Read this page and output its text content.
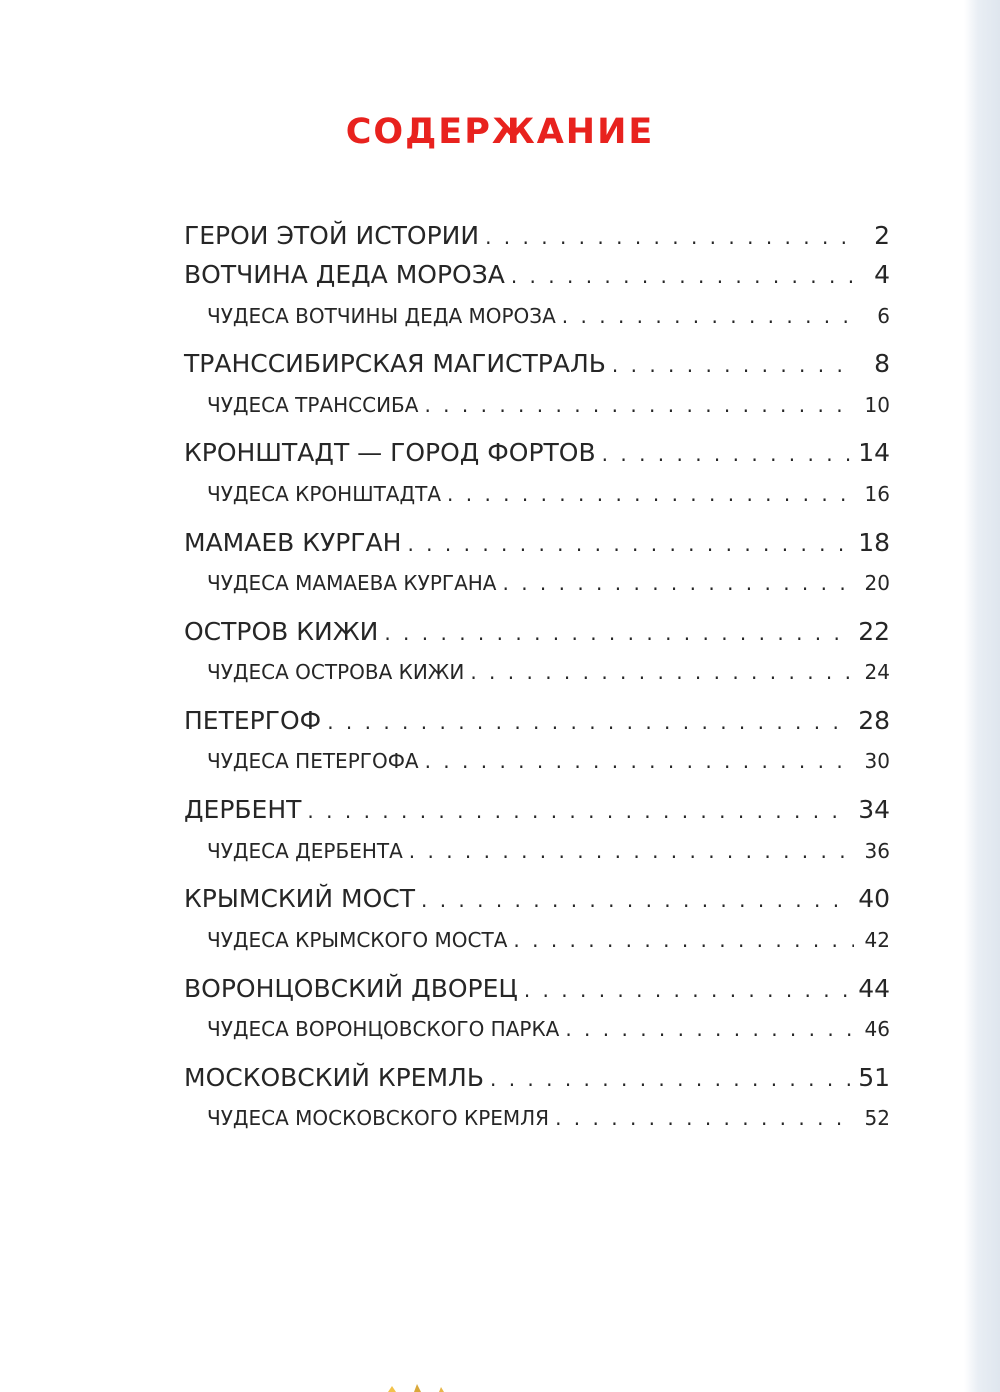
СОДЕРЖАНИЕ
ГЕРОИ ЭТОЙ ИСТОРИИ . . .	2
ВОТЧИНА ДЕДА МОРОЗА . . .	4
ЧУДЕСА ВОТЧИНЫ ДЕДА МОРОЗА . . .	6
ТРАНССИБИРСКАЯ МАГИСТРАЛЬ . . .	8
ЧУДЕСА ТРАНССИБА . . .	10
КРОНШТАДТ — ГОРОД ФОРТОВ . . .	14
ЧУДЕСА КРОНШТАДТА . . .	16
МАМАЕВ КУРГАН . . .	18
ЧУДЕСА МАМАЕВА КУРГАНА . . .	20
ОСТРОВ КИЖИ . . .	22
ЧУДЕСА ОСТРОВА КИЖИ . . .	24
ПЕТЕРГОФ . . .	28
ЧУДЕСА ПЕТЕРГОФА . . .	30
ДЕРБЕНТ . . .	34
ЧУДЕСА ДЕРБЕНТА . . .	36
КРЫМСКИЙ МОСТ . . .	40
ЧУДЕСА КРЫМСКОГО МОСТА . . .	42
ВОРОНЦОВСКИЙ ДВОРЕЦ . . .	44
ЧУДЕСА ВОРОНЦОВСКОГО ПАРКА . . .	46
МОСКОВСКИЙ КРЕМЛЬ . . .	51
ЧУДЕСА МОСКОВСКОГО КРЕМЛЯ . . .	52
